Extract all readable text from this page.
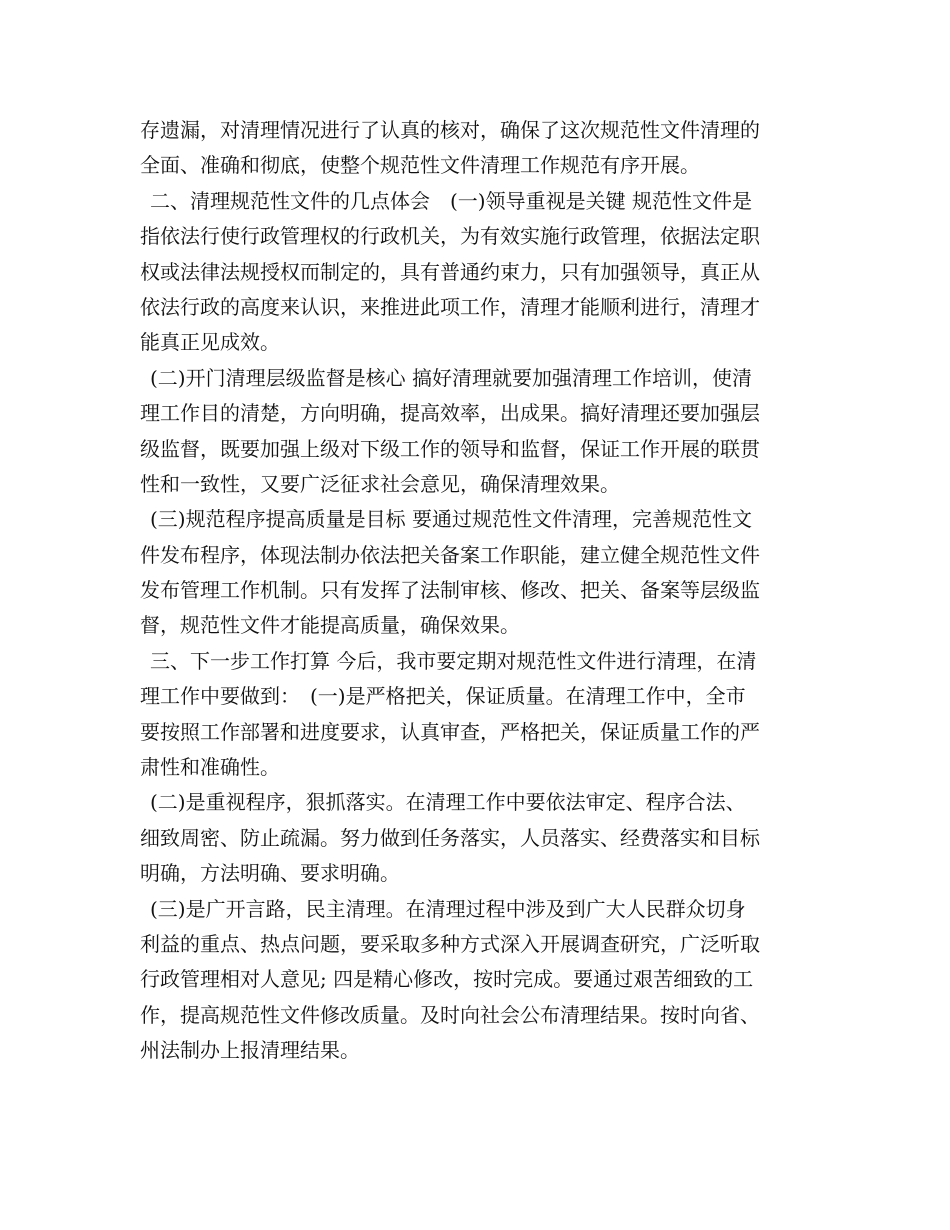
存遗漏，对清理情况进行了认真的核对，确保了这次规范性文件清理的
全面、准确和彻底，使整个规范性文件清理工作规范有序开展。
二、清理规范性文件的几点体会　(一)领导重视是关键 规范性文件是
指依法行使行政管理权的行政机关，为有效实施行政管理，依据法定职
权或法律法规授权而制定的，具有普通约束力，只有加强领导，真正从
依法行政的高度来认识，来推进此项工作，清理才能顺利进行，清理才
能真正见成效。
(二)开门清理层级监督是核心 搞好清理就要加强清理工作培训，使清
理工作目的清楚，方向明确，提高效率，出成果。搞好清理还要加强层
级监督，既要加强上级对下级工作的领导和监督，保证工作开展的联贯
性和一致性，又要广泛征求社会意见，确保清理效果。
(三)规范程序提高质量是目标 要通过规范性文件清理，完善规范性文
件发布程序，体现法制办依法把关备案工作职能，建立健全规范性文件
发布管理工作机制。只有发挥了法制审核、修改、把关、备案等层级监
督，规范性文件才能提高质量，确保效果。
三、下一步工作打算 今后，我市要定期对规范性文件进行清理，在清
理工作中要做到：　(一)是严格把关，保证质量。在清理工作中，全市
要按照工作部署和进度要求，认真审查，严格把关，保证质量工作的严
肃性和准确性。
(二)是重视程序，狠抓落实。在清理工作中要依法审定、程序合法、
细致周密、防止疏漏。努力做到任务落实，人员落实、经费落实和目标
明确，方法明确、要求明确。
(三)是广开言路，民主清理。在清理过程中涉及到广大人民群众切身
利益的重点、热点问题，要采取多种方式深入开展调查研究，广泛听取
行政管理相对人意见; 四是精心修改，按时完成。要通过艰苦细致的工
作，提高规范性文件修改质量。及时向社会公布清理结果。按时向省、
州法制办上报清理结果。
